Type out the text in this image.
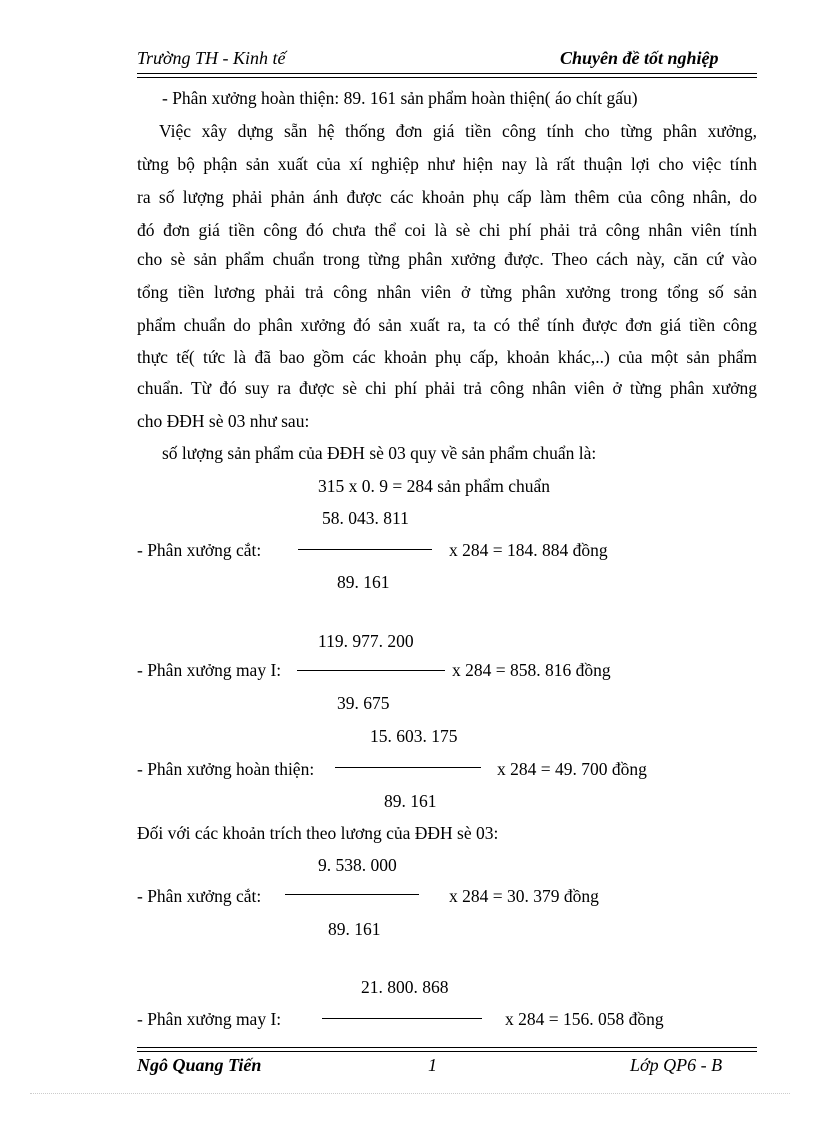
Trường TH - Kinh tế	Chuyên đề tốt nghiệp
- Phân xưởng hoàn thiện: 89. 161 sản phẩm hoàn thiện( áo chít gấu)
Việc xây dựng sẵn hệ thống đơn giá tiền công tính cho từng phân xưởng,
từng bộ phận sản xuất của xí nghiệp như hiện nay là rất thuận lợi cho việc tính
ra số lượng phải phản ánh được các khoản phụ cấp làm thêm của công nhân, do
đó đơn giá tiền công đó chưa thể coi là sè chi phí phải trả công nhân viên tính
cho sè sản phẩm chuẩn trong từng phân xưởng được. Theo cách này, căn cứ vào
tổng tiền lương phải trả công nhân viên ở từng phân xưởng trong tổng số sản
phẩm chuẩn do phân xưởng đó sản xuất ra, ta có thể tính được đơn giá tiền công
thực tế( tức là đã bao gồm các khoản phụ cấp, khoản khác,..) của một sản phẩm
chuẩn. Từ đó suy ra được sè chi phí phải trả công nhân viên ở từng phân xưởng
cho ĐĐH sè 03 như sau:
số lượng sản phẩm của ĐĐH sè 03 quy về sản phẩm chuẩn là:
315 x 0. 9 = 284 sản phẩm chuẩn
58. 043. 811
- Phân xưởng cắt:	x 284 = 184. 884 đồng
89. 161
119. 977. 200
- Phân xưởng may I:	x 284 = 858. 816 đồng
39. 675
15. 603. 175
- Phân xưởng hoàn thiện:	x 284 = 49. 700 đồng
89. 161
Đối với các khoản trích theo lương của ĐĐH sè 03:
9. 538. 000
- Phân xưởng cắt:	x 284 = 30. 379 đồng
89. 161
21. 800. 868
- Phân xưởng may I:	x 284 = 156. 058 đồng
Ngô Quang Tiến	1	Lớp QP6 - B
